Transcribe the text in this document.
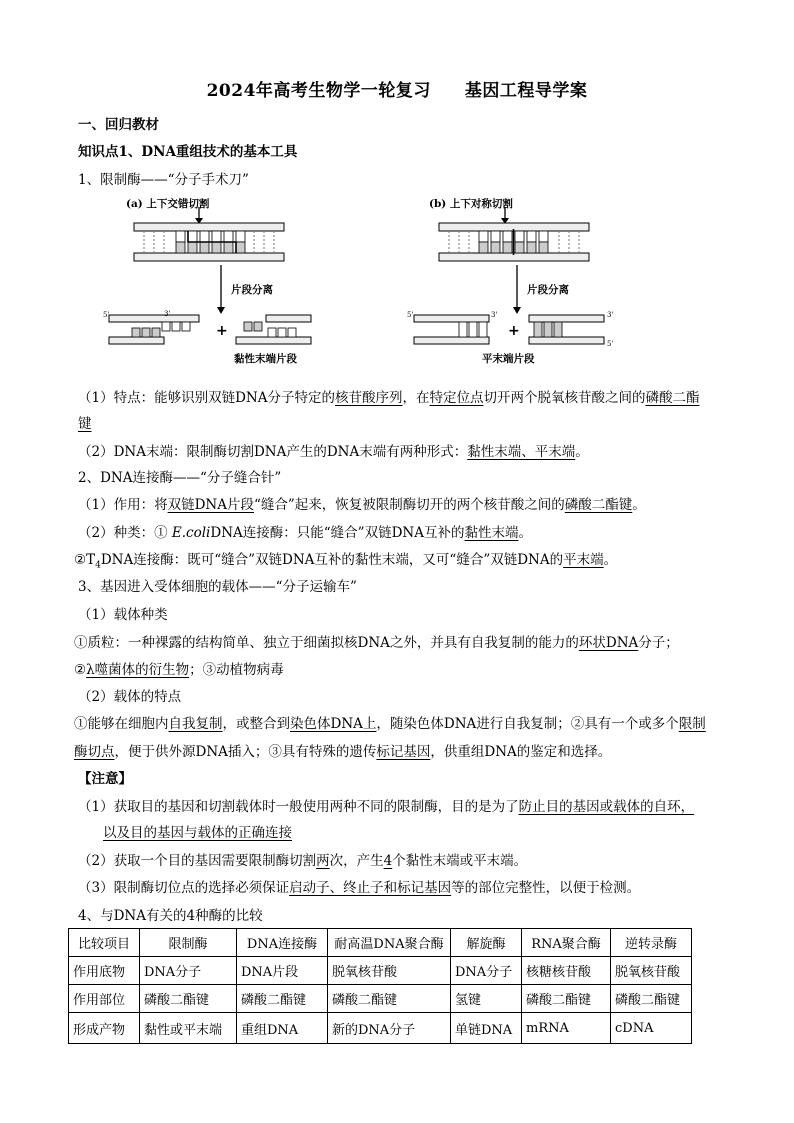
2024年高考生物学一轮复习 基因工程导学案
一、回归教材
知识点1、DNA重组技术的基本工具
1、限制酶——“分子手术刀”
(a) 上下交错切割
片段分离
5'	3'
+
黏性末端片段
(b) 上下对称切割
片段分离
5'	3'
+
3'
5'
平末端片段
（1）特点：能够识别双链DNA分子特定的核苷酸序列，在特定位点切开两个脱氧核苷酸之间的磷酸二酯
键
（2）DNA末端：限制酶切割DNA产生的DNA末端有两种形式：黏性末端、平末端。
2、DNA连接酶——“分子缝合针”
（1）作用：将双链DNA片段“缝合”起来，恢复被限制酶切开的两个核苷酸之间的磷酸二酯键。
（2）种类：① E.coliDNA连接酶：只能“缝合”双链DNA互补的黏性末端。
$②T_4DNA$连接酶：既可“缝合”双链DNA互补的黏性末端，又可“缝合”双链DNA的平末端。
3、基因进入受体细胞的载体——“分子运输车”
（1）载体种类
①质粒：一种裸露的结构简单、独立于细菌拟核DNA之外，并具有自我复制的能力的环状DNA分子；
②λ噬菌体的衍生物；③动植物病毒
（2）载体的特点
①能够在细胞内自我复制，或整合到染色体DNA上，随染色体DNA进行自我复制；②具有一个或多个限制
酶切点，便于供外源DNA插入；③具有特殊的遗传标记基因，供重组DNA的鉴定和选择。
【注意】
（1）获取目的基因和切割载体时一般使用两种不同的限制酶，目的是为了防止目的基因或载体的自环，
以及目的基因与载体的正确连接
（2）获取一个目的基因需要限制酶切割两次，产生4个黏性末端或平末端。
（3）限制酶切位点的选择必须保证启动子、终止子和标记基因等的部位完整性，以便于检测。
4、与DNA有关的4种酶的比较
比较项目	限制酶	DNA连接酶	耐高温DNA聚合酶	解旋酶	RNA聚合酶	逆转录酶
作用底物	DNA分子	DNA片段	脱氧核苷酸	DNA分子	核糖核苷酸	脱氧核苷酸
作用部位	磷酸二酯键	磷酸二酯键	磷酸二酯键	氢键	磷酸二酯键	磷酸二酯键
形成产物	黏性或平末端	重组DNA	新的DNA分子	单链DNA	mRNA	cDNA
